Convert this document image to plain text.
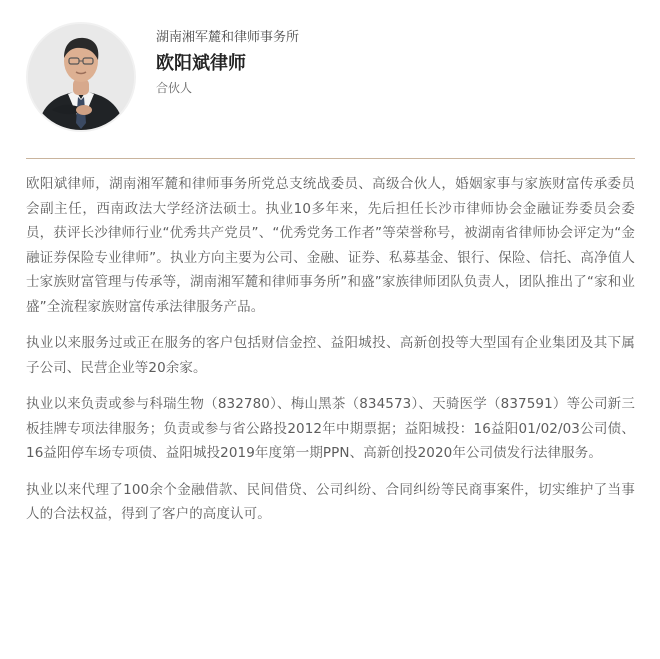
湖南湘军麓和律师事务所
欧阳斌律师
合伙人

欧阳斌律师，湖南湘军麓和律师事务所党总支统战委员、高级合伙人，婚姻家事与家族财富传承委员会副主任，西南政法大学经济法硕士。执业10多年来，先后担任长沙市律师协会金融证券委员会委员，获评长沙律师行业“优秀共产党员”、“优秀党务工作者”等荣誉称号，被湖南省律师协会评定为“金融证券保险专业律师”。执业方向主要为公司、金融、证券、私募基金、银行、保险、信托、高净值人士家族财富管理与传承等，湖南湘军麓和律师事务所”和盛”家族律师团队负责人，团队推出了“家和业盛”全流程家族财富传承法律服务产品。

执业以来服务过或正在服务的客户包括财信金控、益阳城投、高新创投等大型国有企业集团及其下属子公司、民营企业等20余家。

执业以来负责或参与科瑞生物（832780）、梅山黑茶（834573）、天骑医学（837591）等公司新三板挂牌专项法律服务；负责或参与省公路投2012年中期票据；益阳城投：16益阳01/02/03公司债、16益阳停车场专项债、益阳城投2019年度第一期PPN、高新创投2020年公司债发行法律服务。

执业以来代理了100余个金融借款、民间借贷、公司纠纷、合同纠纷等民商事案件，切实维护了当事人的合法权益，得到了客户的高度认可。
